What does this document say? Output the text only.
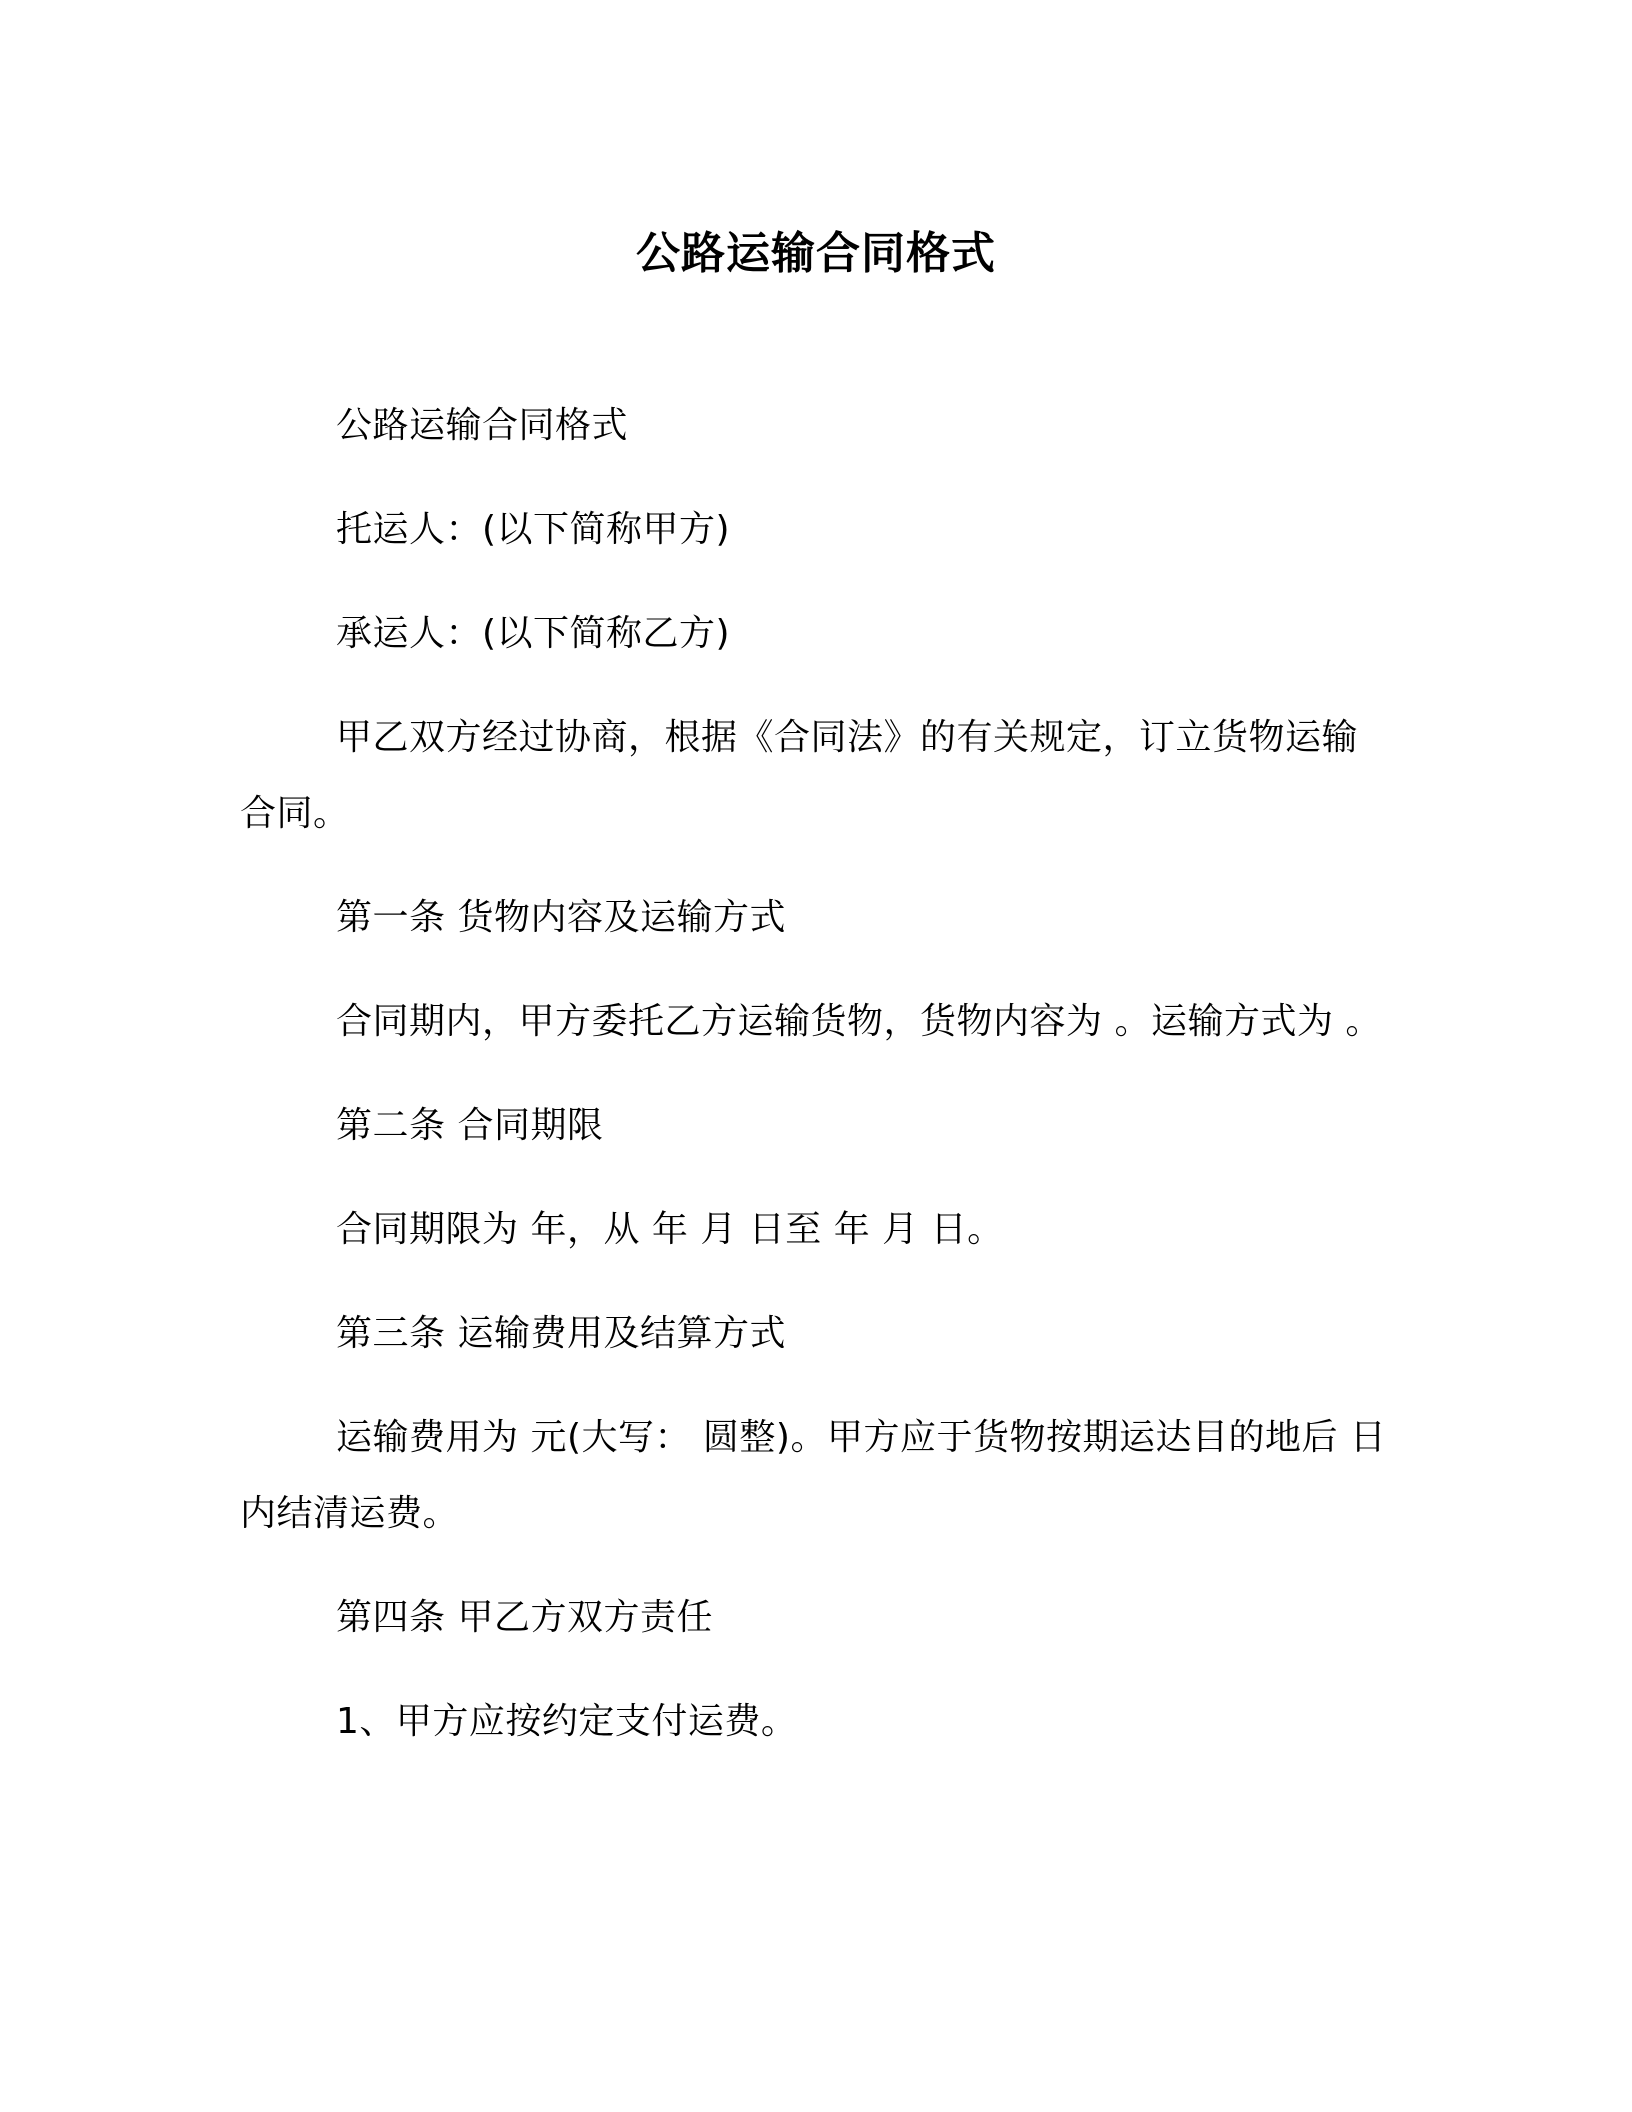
公路运输合同格式

公路运输合同格式

托运人：(以下简称甲方)

承运人：(以下简称乙方)

甲乙双方经过协商，根据《合同法》的有关规定，订立货物运输合同。

第一条 货物内容及运输方式

合同期内，甲方委托乙方运输货物，货物内容为 。运输方式为 。

第二条 合同期限

合同期限为 年，从 年 月 日至 年 月 日。

第三条 运输费用及结算方式

运输费用为 元(大写： 圆整)。甲方应于货物按期运达目的地后 日内结清运费。

第四条 甲乙方双方责任

1、甲方应按约定支付运费。
